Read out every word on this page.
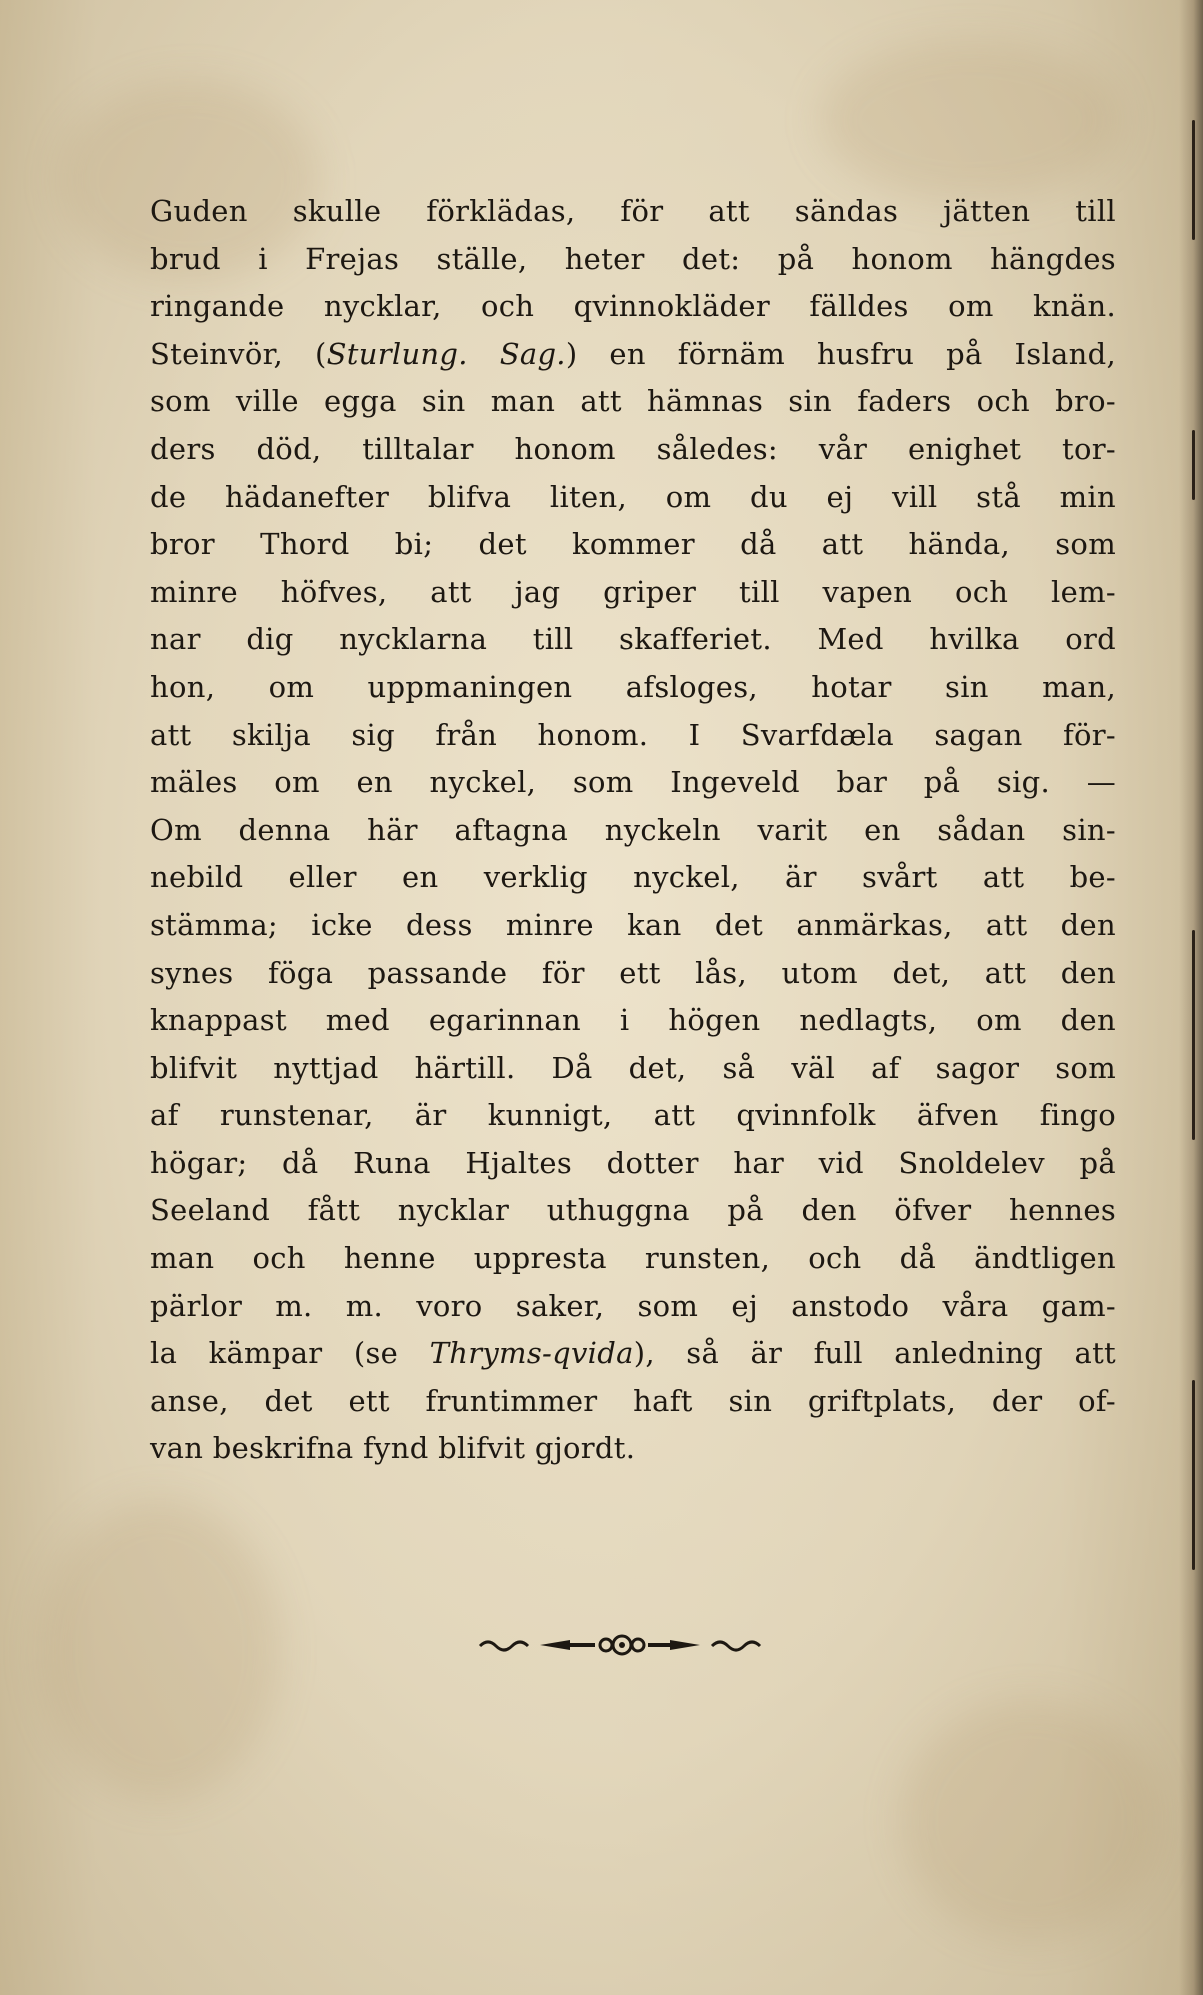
Guden skulle förklädas, för att sändas jätten till
brud i Frejas ställe, heter det: på honom hängdes
ringande nycklar, och qvinnokläder fälldes om knän.
Steinvör, (Sturlung. Sag.) en förnäm husfru på Island,
som ville egga sin man att hämnas sin faders och bro-
ders död, tilltalar honom således: vår enighet tor-
de hädanefter blifva liten, om du ej vill stå min
bror Thord bi; det kommer då att hända, som
minre höfves, att jag griper till vapen och lem-
nar dig nycklarna till skafferiet. Med hvilka ord
hon, om uppmaningen afsloges, hotar sin man,
att skilja sig från honom. I Svarfdæla sagan för-
mäles om en nyckel, som Ingeveld bar på sig. —
Om denna här aftagna nyckeln varit en sådan sin-
nebild eller en verklig nyckel, är svårt att be-
stämma; icke dess minre kan det anmärkas, att den
synes föga passande för ett lås, utom det, att den
knappast med egarinnan i högen nedlagts, om den
blifvit nyttjad härtill. Då det, så väl af sagor som
af runstenar, är kunnigt, att qvinnfolk äfven fingo
högar; då Runa Hjaltes dotter har vid Snoldelev på
Seeland fått nycklar uthuggna på den öfver hennes
man och henne uppresta runsten, och då ändtligen
pärlor m. m. voro saker, som ej anstodo våra gam-
la kämpar (se Thryms-qvida), så är full anledning att
anse, det ett fruntimmer haft sin griftplats, der of-
van beskrifna fynd blifvit gjordt.
